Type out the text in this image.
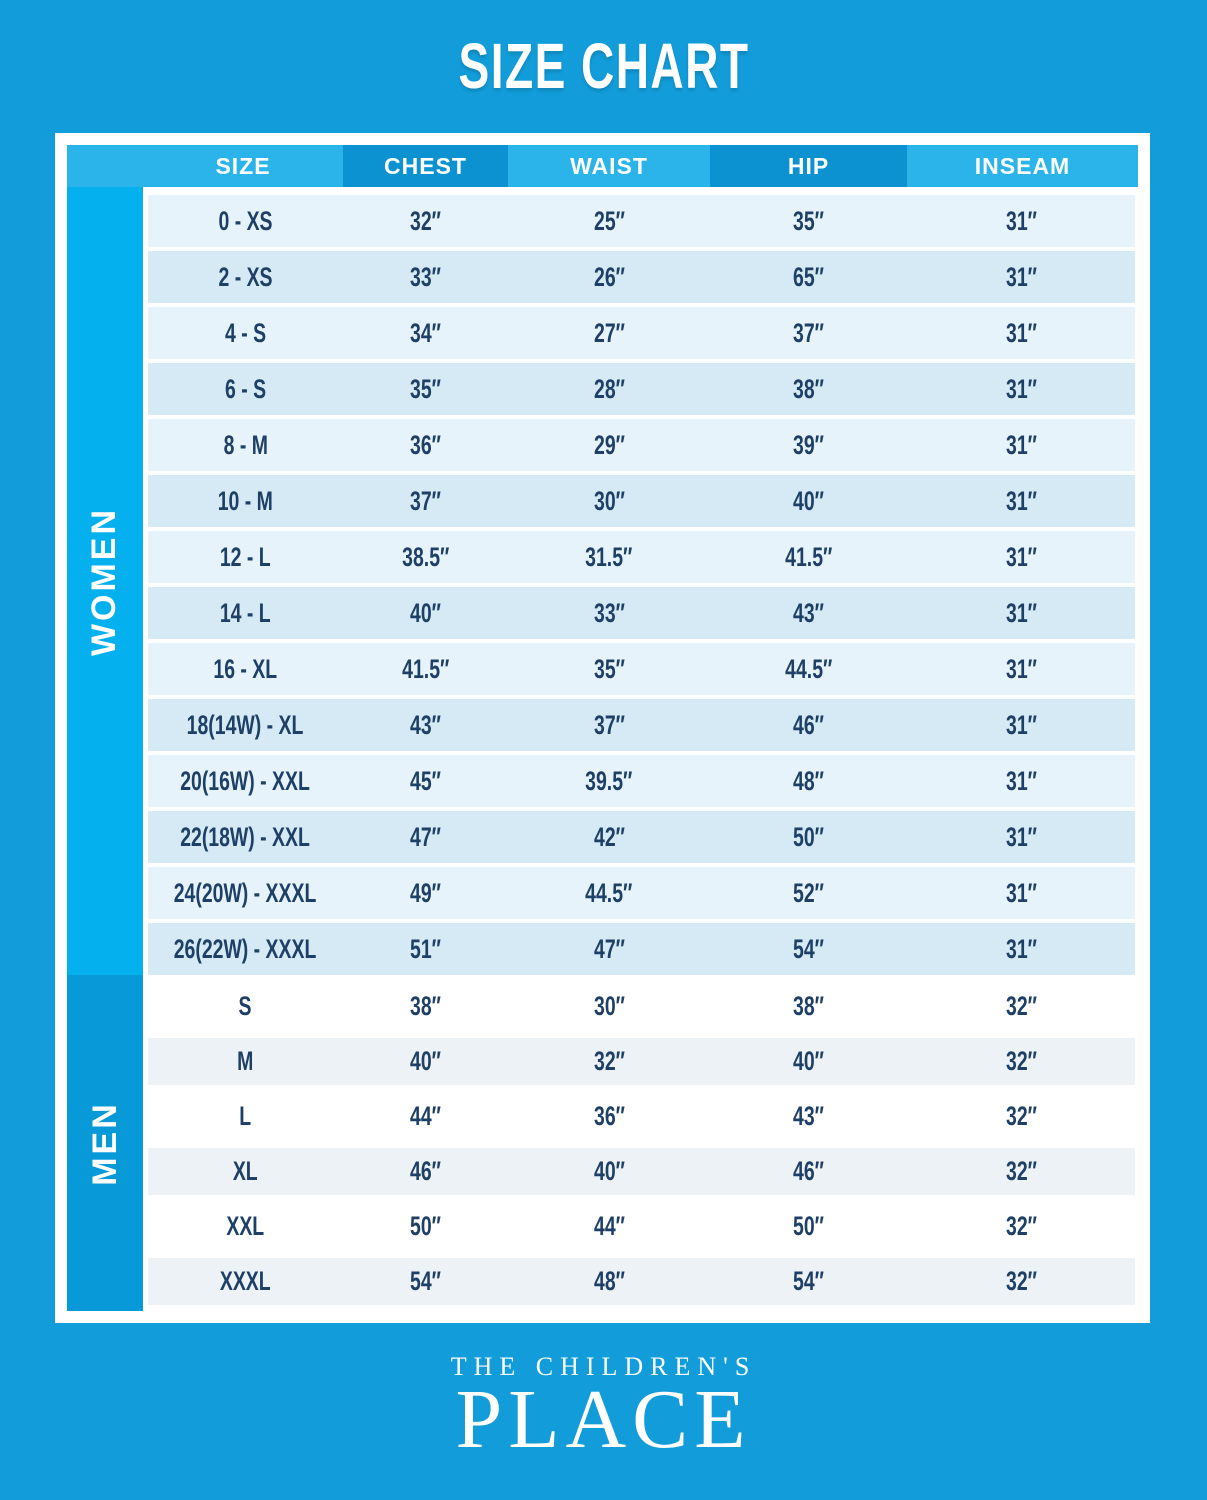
SIZE CHART
SIZE	CHEST	WAIST	HIP	INSEAM
WOMEN
0 - XS	32″	25″	35″	31″
2 - XS	33″	26″	65″	31″
4 - S	34″	27″	37″	31″
6 - S	35″	28″	38″	31″
8 - M	36″	29″	39″	31″
10 - M	37″	30″	40″	31″
12 - L	38.5″	31.5″	41.5″	31″
14 - L	40″	33″	43″	31″
16 - XL	41.5″	35″	44.5″	31″
18(14W) - XL	43″	37″	46″	31″
20(16W) - XXL	45″	39.5″	48″	31″
22(18W) - XXL	47″	42″	50″	31″
24(20W) - XXXL	49″	44.5″	52″	31″
26(22W) - XXXL	51″	47″	54″	31″
MEN
S	38″	30″	38″	32″
M	40″	32″	40″	32″
L	44″	36″	43″	32″
XL	46″	40″	46″	32″
XXL	50″	44″	50″	32″
XXXL	54″	48″	54″	32″
THE CHILDREN'S
PLACE
